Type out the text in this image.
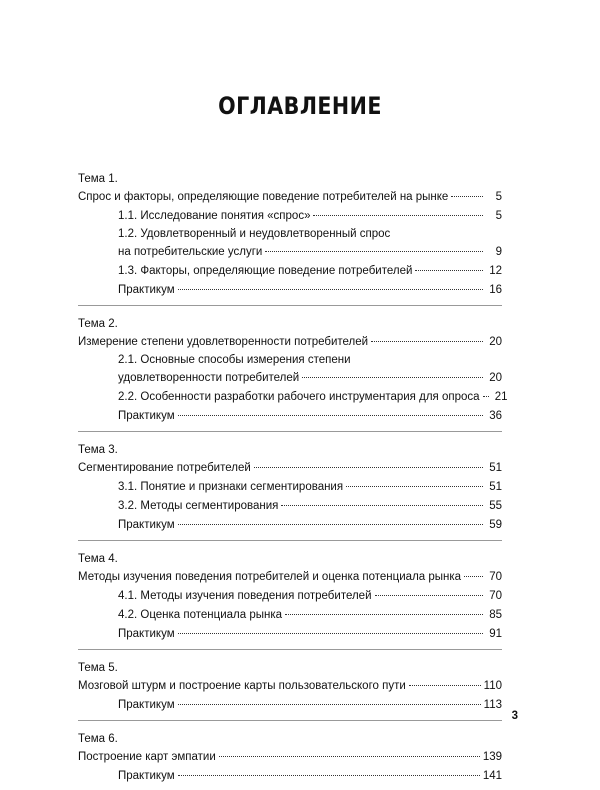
ОГЛАВЛЕНИЕ
Тема 1.
Спрос и факторы, определяющие поведение потребителей на рынке	5
1.1. Исследование понятия «спрос»	5
1.2. Удовлетворенный и неудовлетворенный спрос
на потребительские услуги	9
1.3. Факторы, определяющие поведение потребителей	12
Практикум	16
Тема 2.
Измерение степени удовлетворенности потребителей	20
2.1. Основные способы измерения степени
удовлетворенности потребителей	20
2.2. Особенности разработки рабочего инструментария для опроса 21
Практикум	36
Тема 3.
Сегментирование потребителей	51
3.1. Понятие и признаки сегментирования	51
3.2. Методы сегментирования	55
Практикум	59
Тема 4.
Методы изучения поведения потребителей и оценка потенциала рынка 70
4.1. Методы изучения поведения потребителей	70
4.2. Оценка потенциала рынка	85
Практикум	91
Тема 5.
Мозговой штурм и построение карты пользовательского пути	110
Практикум	113
Тема 6.
Построение карт эмпатии	139
Практикум	141
3
